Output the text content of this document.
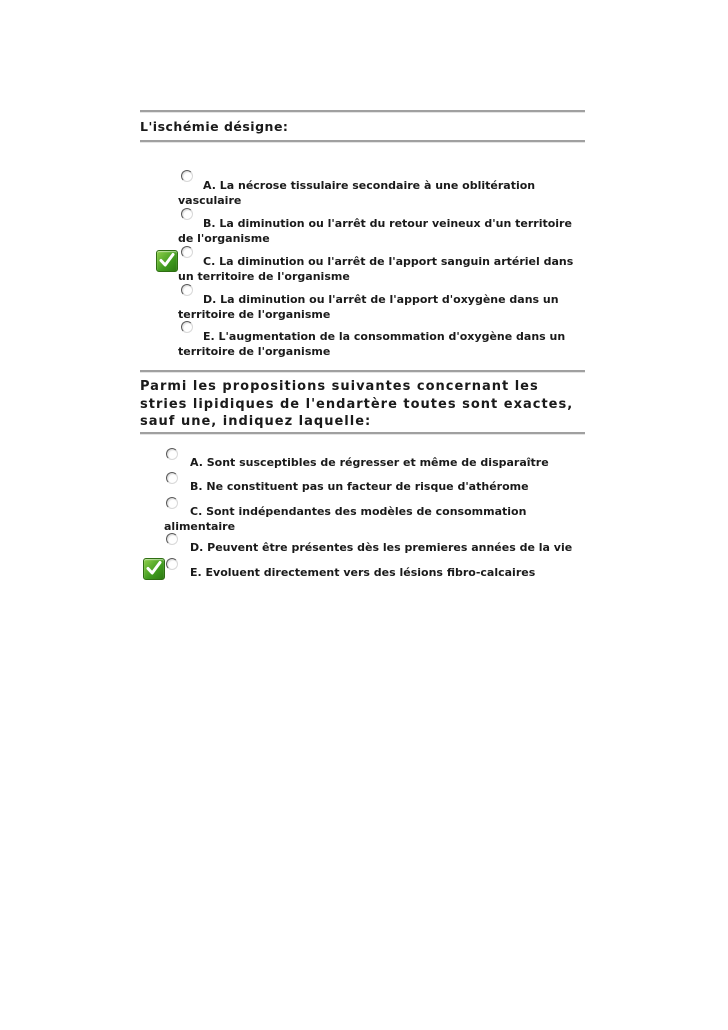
L'ischémie désigne:
A. La nécrose tissulaire secondaire à une oblitération vasculaire
B. La diminution ou l'arrêt du retour veineux d'un territoire de l'organisme
C. La diminution ou l'arrêt de l'apport sanguin artériel dans un territoire de l'organisme
D. La diminution ou l'arrêt de l'apport d'oxygène dans un territoire de l'organisme
E. L'augmentation de la consommation d'oxygène dans un territoire de l'organisme
Parmi les propositions suivantes concernant les stries lipidiques de l'endartère toutes sont exactes, sauf une, indiquez laquelle:
A. Sont susceptibles de régresser et même de disparaître
B. Ne constituent pas un facteur de risque d'athérome
C. Sont indépendantes des modèles de consommation alimentaire
D. Peuvent être présentes dès les premieres années de la vie
E. Evoluent directement vers des lésions fibro-calcaires
